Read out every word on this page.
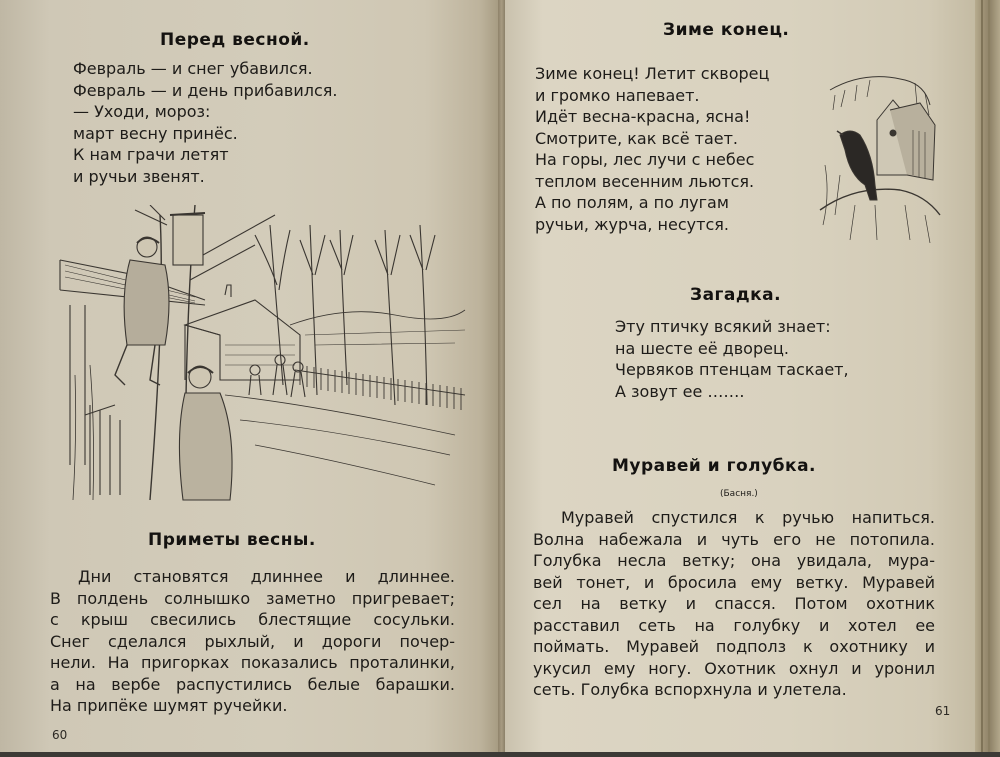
Перед весной.
Февраль — и снег убавился.
Февраль — и день прибавился.
— Уходи, мороз:
март весну принёс.
К нам грачи летят
и ручьи звенят.
Приметы весны.
Дни становятся длиннее и длиннее.
В полдень солнышко заметно пригревает;
с крыш свесились блестящие сосульки.
Снег сделался рыхлый, и дороги почер-
нели. На пригорках показались проталинки,
а на вербе распустились белые барашки.
На припёке шумят ручейки.
60
Зиме конец.
Зиме конец! Летит скворец
и громко напевает.
Идёт весна-красна, ясна!
Смотрите, как всё тает.
На горы, лес лучи с небес
теплом весенним льются.
А по полям, а по лугам
ручьи, журча, несутся.
Загадка.
Эту птичку всякий знает:
на шесте её дворец.
Червяков птенцам таскает,
А зовут ее …….
Муравей и голубка.
(Басня.)
Муравей спустился к ручью напиться.
Волна набежала и чуть его не потопила.
Голубка несла ветку; она увидала, мура-
вей тонет, и бросила ему ветку. Муравей
сел на ветку и спасся. Потом охотник
расставил сеть на голубку и хотел ее
поймать. Муравей подполз к охотнику и
укусил ему ногу. Охотник охнул и уронил
сеть. Голубка вспорхнула и улетела.
61
